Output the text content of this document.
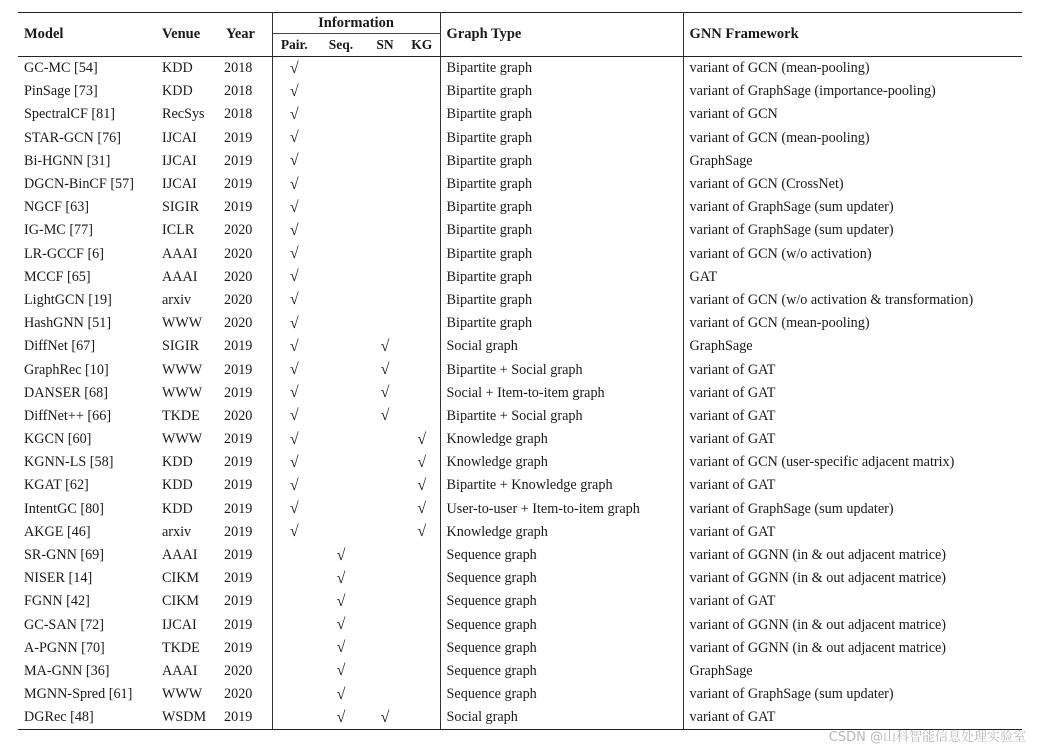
Model	Venue	Year	Information				Graph Type	GNN Framework
			Pair.	Seq.	SN	KG		
GC-MC [54]	KDD	2018	√				Bipartite graph	variant of GCN (mean-pooling)
PinSage [73]	KDD	2018	√				Bipartite graph	variant of GraphSage (importance-pooling)
SpectralCF [81]	RecSys	2018	√				Bipartite graph	variant of GCN
STAR-GCN [76]	IJCAI	2019	√				Bipartite graph	variant of GCN (mean-pooling)
Bi-HGNN [31]	IJCAI	2019	√				Bipartite graph	GraphSage
DGCN-BinCF [57]	IJCAI	2019	√				Bipartite graph	variant of GCN (CrossNet)
NGCF [63]	SIGIR	2019	√				Bipartite graph	variant of GraphSage (sum updater)
IG-MC [77]	ICLR	2020	√				Bipartite graph	variant of GraphSage (sum updater)
LR-GCCF [6]	AAAI	2020	√				Bipartite graph	variant of GCN (w/o activation)
MCCF [65]	AAAI	2020	√				Bipartite graph	GAT
LightGCN [19]	arxiv	2020	√				Bipartite graph	variant of GCN (w/o activation & transformation)
HashGNN [51]	WWW	2020	√				Bipartite graph	variant of GCN (mean-pooling)
DiffNet [67]	SIGIR	2019	√		√		Social graph	GraphSage
GraphRec [10]	WWW	2019	√		√		Bipartite + Social graph	variant of GAT
DANSER [68]	WWW	2019	√		√		Social + Item-to-item graph	variant of GAT
DiffNet++ [66]	TKDE	2020	√		√		Bipartite + Social graph	variant of GAT
KGCN [60]	WWW	2019	√			√	Knowledge graph	variant of GAT
KGNN-LS [58]	KDD	2019	√			√	Knowledge graph	variant of GCN (user-specific adjacent matrix)
KGAT [62]	KDD	2019	√			√	Bipartite + Knowledge graph	variant of GAT
IntentGC [80]	KDD	2019	√			√	User-to-user + Item-to-item graph	variant of GraphSage (sum updater)
AKGE [46]	arxiv	2019	√			√	Knowledge graph	variant of GAT
SR-GNN [69]	AAAI	2019		√			Sequence graph	variant of GGNN (in & out adjacent matrice)
NISER [14]	CIKM	2019		√			Sequence graph	variant of GGNN (in & out adjacent matrice)
FGNN [42]	CIKM	2019		√			Sequence graph	variant of GAT
GC-SAN [72]	IJCAI	2019		√			Sequence graph	variant of GGNN (in & out adjacent matrice)
A-PGNN [70]	TKDE	2019		√			Sequence graph	variant of GGNN (in & out adjacent matrice)
MA-GNN [36]	AAAI	2020		√			Sequence graph	GraphSage
MGNN-Spred [61]	WWW	2020		√			Sequence graph	variant of GraphSage (sum updater)
DGRec [48]	WSDM	2019		√	√		Social graph	variant of GAT
CSDN @山科智能信息处理实验室
